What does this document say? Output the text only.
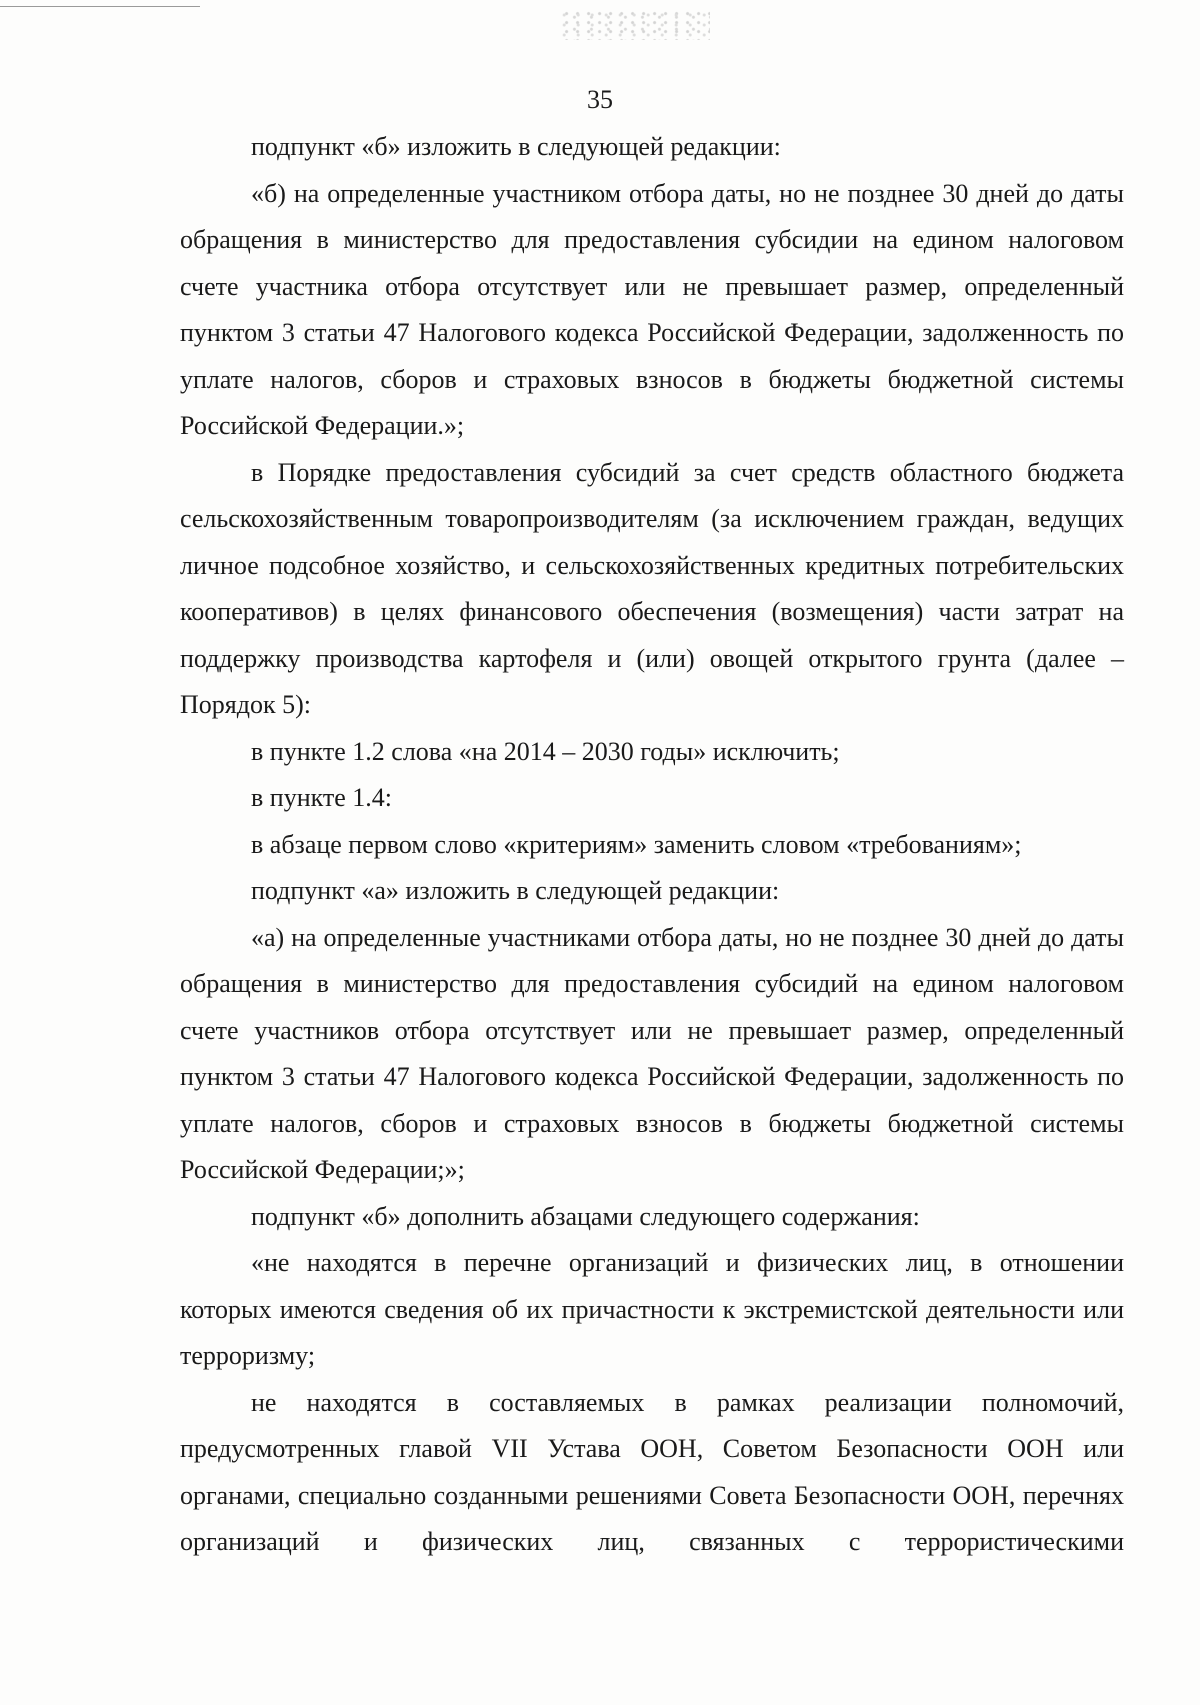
35

подпункт «б» изложить в следующей редакции:

«б) на определенные участником отбора даты, но не позднее 30 дней до даты обращения в министерство для предоставления субсидии на едином налоговом счете участника отбора отсутствует или не превышает размер, определенный пунктом 3 статьи 47 Налогового кодекса Российской Федерации, задолженность по уплате налогов, сборов и страховых взносов в бюджеты бюджетной системы Российской Федерации.»;

в Порядке предоставления субсидий за счет средств областного бюджета сельскохозяйственным товаропроизводителям (за исключением граждан, ведущих личное подсобное хозяйство, и сельскохозяйственных кредитных потребительских кооперативов) в целях финансового обеспечения (возмещения) части затрат на поддержку производства картофеля и (или) овощей открытого грунта (далее – Порядок 5):

в пункте 1.2 слова «на 2014 – 2030 годы» исключить;

в пункте 1.4:

в абзаце первом слово «критериям» заменить словом «требованиям»;

подпункт «а» изложить в следующей редакции:

«а) на определенные участниками отбора даты, но не позднее 30 дней до даты обращения в министерство для предоставления субсидий на едином налоговом счете участников отбора отсутствует или не превышает размер, определенный пунктом 3 статьи 47 Налогового кодекса Российской Федерации, задолженность по уплате налогов, сборов и страховых взносов в бюджеты бюджетной системы Российской Федерации;»;

подпункт «б» дополнить абзацами следующего содержания:

«не находятся в перечне организаций и физических лиц, в отношении которых имеются сведения об их причастности к экстремистской деятельности или терроризму;

не находятся в составляемых в рамках реализации полномочий, предусмотренных главой VII Устава ООН, Советом Безопасности ООН или органами, специально созданными решениями Совета Безопасности ООН, перечнях организаций и физических лиц, связанных с террористическими
